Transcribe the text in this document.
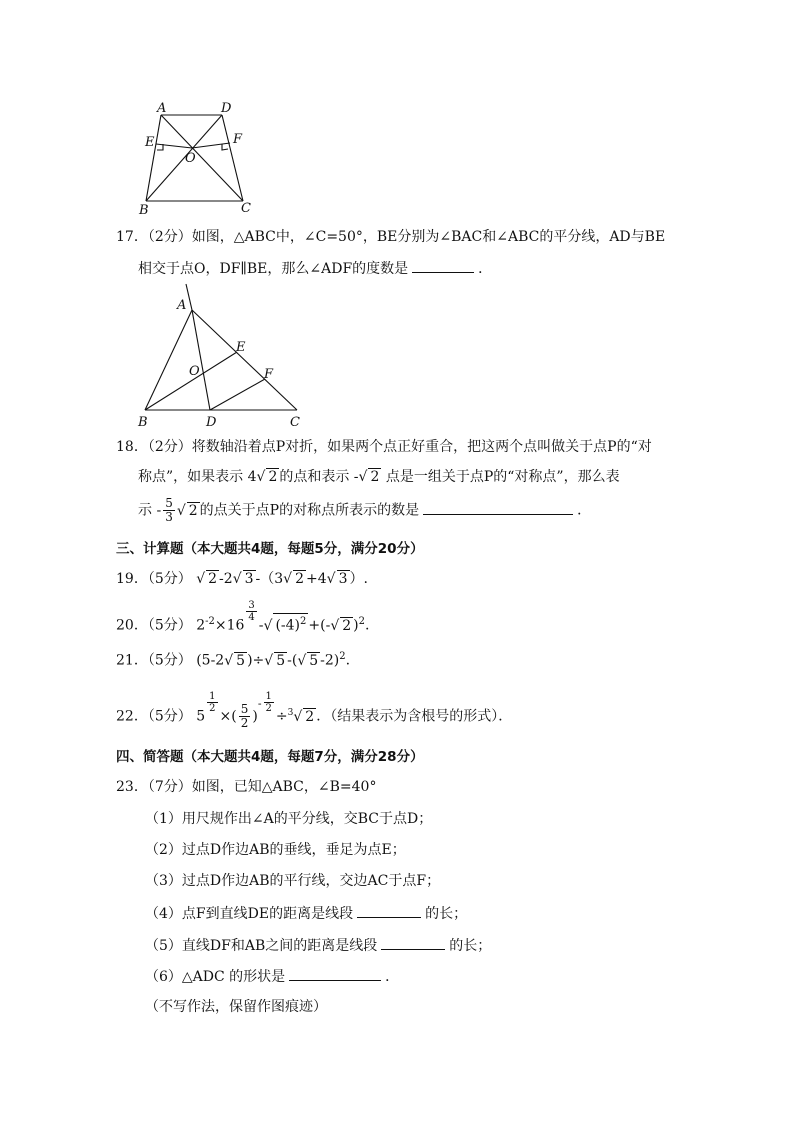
A	D
E	F
O
B	C
17．（2分）如图，△ABC中，∠C=50°，BE分别为∠BAC和∠ABC的平分线，AD与BE
相交于点O，DF∥BE，那么∠ADF的度数是	．
A
E
O	F
B	D	C
18．（2分）将数轴沿着点P对折，如果两个点正好重合，把这两个点叫做关于点P的“对
称点”，如果表示 4√ 2 的点和表示 -√ 2 点是一组关于点P的“对称点”，那么表
示 - $\frac{5}{3}$ √ 2 的点关于点P的对称点所表示的数是	．
三、计算题（本大题共4题，每题5分，满分20分）
19．（5分） √ 2 -2√ 3 -（3√ 2 +4√ 3 ）.
20．（5分） $2^{-2}\times 16$
$\frac{3}{4}$
-√ $(-4)^2$ +(-√ 2 )$^2$.
21．（5分） (5-2√ 5 )÷√ 5 -(√ 5 -2)$^2$.
22．（5分） 5
$\frac{1}{2}$
×( $\frac{5}{2} )^- \frac{1}{2}$
÷$^3$√ 2 ．（结果表示为含根号的形式）．
四、简答题（本大题共4题，每题7分，满分28分）
23．（7分）如图，已知△ABC，∠B=40°
（1）用尺规作出∠A的平分线，交BC于点D；
（2）过点D作边AB的垂线，垂足为点E；
（3）过点D作边AB的平行线，交边AC于点F；
（4）点F到直线DE的距离是线段	的长；
（5）直线DF和AB之间的距离是线段	的长；
（6）△ADC 的形状是	．
（不写作法，保留作图痕迹）
